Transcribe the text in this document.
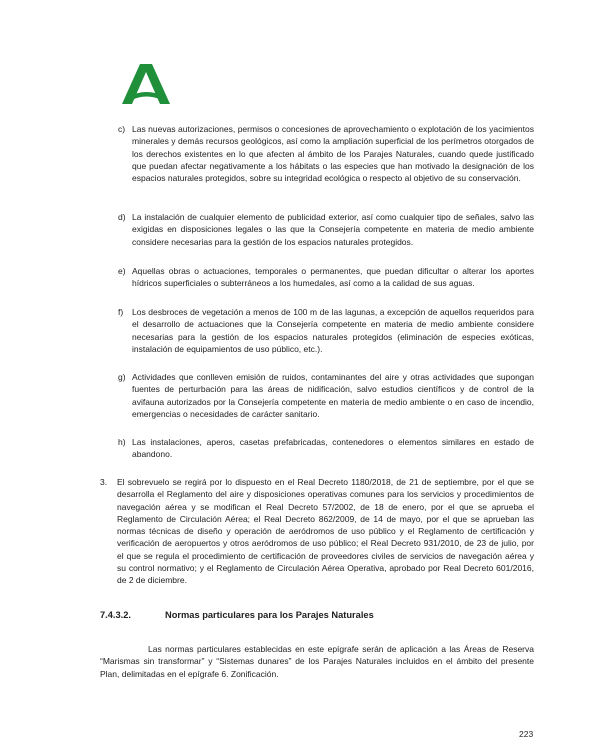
c) Las nuevas autorizaciones, permisos o concesiones de aprovechamiento o explotación de los yacimientos minerales y demás recursos geológicos, así como la ampliación superficial de los perímetros otorgados de los derechos existentes en lo que afecten al ámbito de los Parajes Naturales, cuando quede justificado que puedan afectar negativamente a los hábitats o las especies que han motivado la designación de los espacios naturales protegidos, sobre su integridad ecológica o respecto al objetivo de su conservación.
d) La instalación de cualquier elemento de publicidad exterior, así como cualquier tipo de señales, salvo las exigidas en disposiciones legales o las que la Consejería competente en materia de medio ambiente considere necesarias para la gestión de los espacios naturales protegidos.
e) Aquellas obras o actuaciones, temporales o permanentes, que puedan dificultar o alterar los aportes hídricos superficiales o subterráneos a los humedales, así como a la calidad de sus aguas.
f) Los desbroces de vegetación a menos de 100 m de las lagunas, a excepción de aquellos requeridos para el desarrollo de actuaciones que la Consejería competente en materia de medio ambiente considere necesarias para la gestión de los espacios naturales protegidos (eliminación de especies exóticas, instalación de equipamientos de uso público, etc.).
g) Actividades que conlleven emisión de ruidos, contaminantes del aire y otras actividades que supongan fuentes de perturbación para las áreas de nidificación, salvo estudios científicos y de control de la avifauna autorizados por la Consejería competente en materia de medio ambiente o en caso de incendio, emergencias o necesidades de carácter sanitario.
h) Las instalaciones, aperos, casetas prefabricadas, contenedores o elementos similares en estado de abandono.
3. El sobrevuelo se regirá por lo dispuesto en el Real Decreto 1180/2018, de 21 de septiembre, por el que se desarrolla el Reglamento del aire y disposiciones operativas comunes para los servicios y procedimientos de navegación aérea y se modifican el Real Decreto 57/2002, de 18 de enero, por el que se aprueba el Reglamento de Circulación Aérea; el Real Decreto 862/2009, de 14 de mayo, por el que se aprueban las normas técnicas de diseño y operación de aeródromos de uso público y el Reglamento de certificación y verificación de aeropuertos y otros aeródromos de uso público; el Real Decreto 931/2010, de 23 de julio, por el que se regula el procedimiento de certificación de proveedores civiles de servicios de navegación aérea y su control normativo; y el Reglamento de Circulación Aérea Operativa, aprobado por Real Decreto 601/2016, de 2 de diciembre.
7.4.3.2.	Normas particulares para los Parajes Naturales
Las normas particulares establecidas en este epígrafe serán de aplicación a las Áreas de Reserva “Marismas sin transformar” y “Sistemas dunares” de los Parajes Naturales incluidos en el ámbito del presente Plan, delimitadas en el epígrafe 6. Zonificación.
223
